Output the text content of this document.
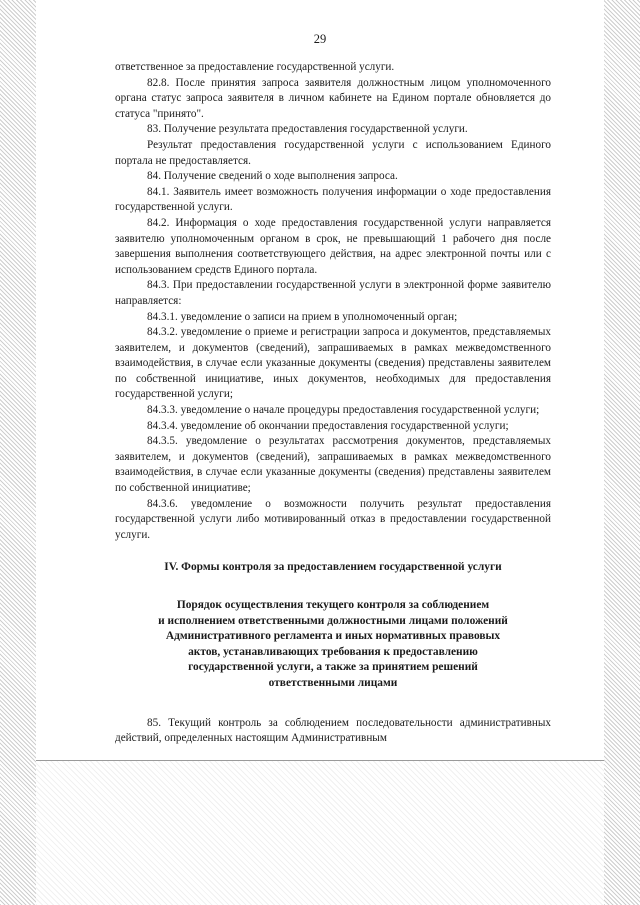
29

ответственное за предоставление государственной услуги.

82.8. После принятия запроса заявителя должностным лицом уполномоченного органа статус запроса заявителя в личном кабинете на Едином портале обновляется до статуса "принято".

83. Получение результата предоставления государственной услуги.

Результат предоставления государственной услуги с использованием Единого портала не предоставляется.

84. Получение сведений о ходе выполнения запроса.

84.1. Заявитель имеет возможность получения информации о ходе предоставления государственной услуги.

84.2. Информация о ходе предоставления государственной услуги направляется заявителю уполномоченным органом в срок, не превышающий 1 рабочего дня после завершения выполнения соответствующего действия, на адрес электронной почты или с использованием средств Единого портала.

84.3. При предоставлении государственной услуги в электронной форме заявителю направляется:

84.3.1. уведомление о записи на прием в уполномоченный орган;

84.3.2. уведомление о приеме и регистрации запроса и документов, представляемых заявителем, и документов (сведений), запрашиваемых в рамках межведомственного взаимодействия, в случае если указанные документы (сведения) представлены заявителем по собственной инициативе, иных документов, необходимых для предоставления государственной услуги;

84.3.3. уведомление о начале процедуры предоставления государственной услуги;

84.3.4. уведомление об окончании предоставления государственной услуги;

84.3.5. уведомление о результатах рассмотрения документов, представляемых заявителем, и документов (сведений), запрашиваемых в рамках межведомственного взаимодействия, в случае если указанные документы (сведения) представлены заявителем по собственной инициативе;

84.3.6. уведомление о возможности получить результат предоставления государственной услуги либо мотивированный отказ в предоставлении государственной услуги.

IV. Формы контроля за предоставлением государственной услуги
Порядок осуществления текущего контроля за соблюдением
и исполнением ответственными должностными лицами положений
Административного регламента и иных нормативных правовых
актов, устанавливающих требования к предоставлению
государственной услуги, а также за принятием решений
ответственными лицами

85. Текущий контроль за соблюдением последовательности административных действий, определенных настоящим Административным
